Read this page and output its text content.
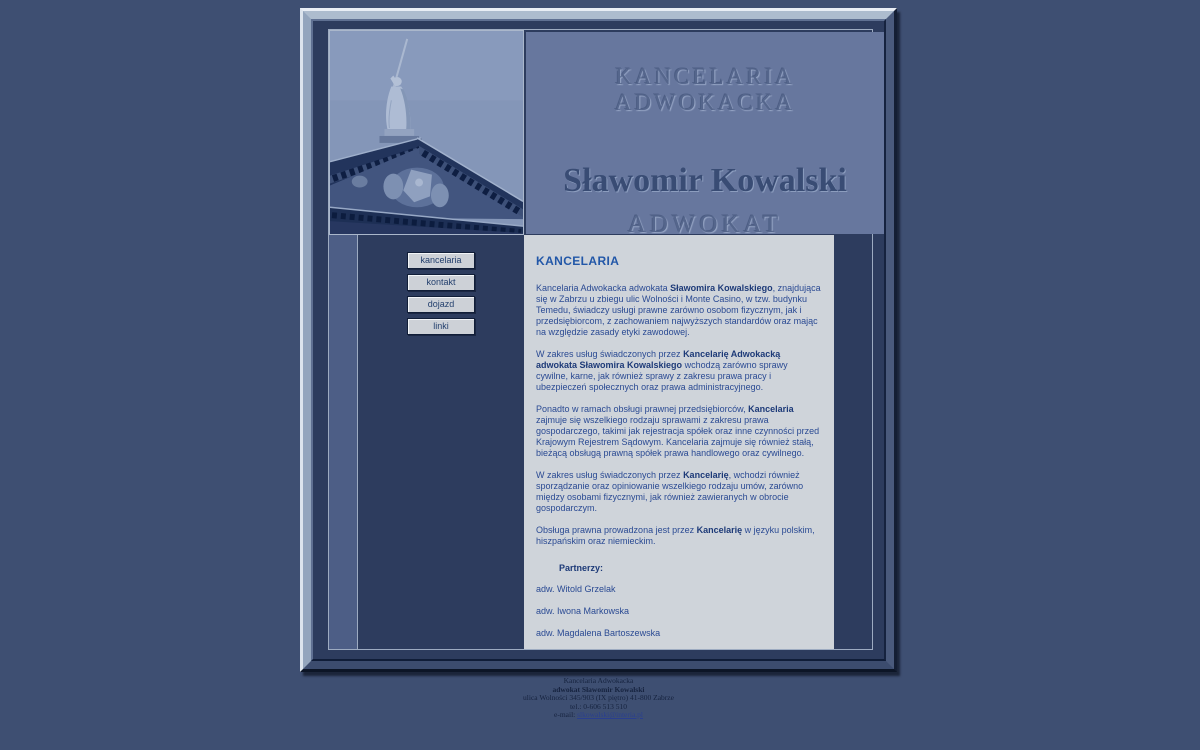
KANCELARIA ADWOKACKA
Sławomir Kowalski
ADWOKAT
kancelaria
kontakt
dojazd
linki
KANCELARIA

Kancelaria Adwokacka adwokata Sławomira Kowalskiego, znajdująca się w Zabrzu u zbiegu ulic Wolności i Monte Casino, w tzw. budynku Temedu, świadczy usługi prawne zarówno osobom fizycznym, jak i przedsiębiorcom, z zachowaniem najwyższych standardów oraz mając na względzie zasady etyki zawodowej.

W zakres usług świadczonych przez Kancelarię Adwokacką adwokata Sławomira Kowalskiego wchodzą zarówno sprawy cywilne, karne, jak również sprawy z zakresu prawa pracy i ubezpieczeń społecznych oraz prawa administracyjnego.

Ponadto w ramach obsługi prawnej przedsiębiorców, Kancelaria zajmuje się wszelkiego rodzaju sprawami z zakresu prawa gospodarczego, takimi jak rejestracja spółek oraz inne czynności przed Krajowym Rejestrem Sądowym. Kancelaria zajmuje się również stałą, bieżącą obsługą prawną spółek prawa handlowego oraz cywilnego.

W zakres usług świadczonych przez Kancelarię, wchodzi również sporządzanie oraz opiniowanie wszelkiego rodzaju umów, zarówno między osobami fizycznymi, jak również zawieranych w obrocie gospodarczym.

Obsługa prawna prowadzona jest przez Kancelarię w języku polskim, hiszpańskim oraz niemieckim.

Partnerzy:

adw. Witold Grzelak

adw. Iwona Markowska

adw. Magdalena Bartoszewska

Kancelaria Adwokacka
adwokat Sławomir Kowalski
ulica Wolności 345/903 (IX piętro) 41-800 Zabrze
tel.: 0-606 513 510
e-mail: slkowalski@interia.pl
